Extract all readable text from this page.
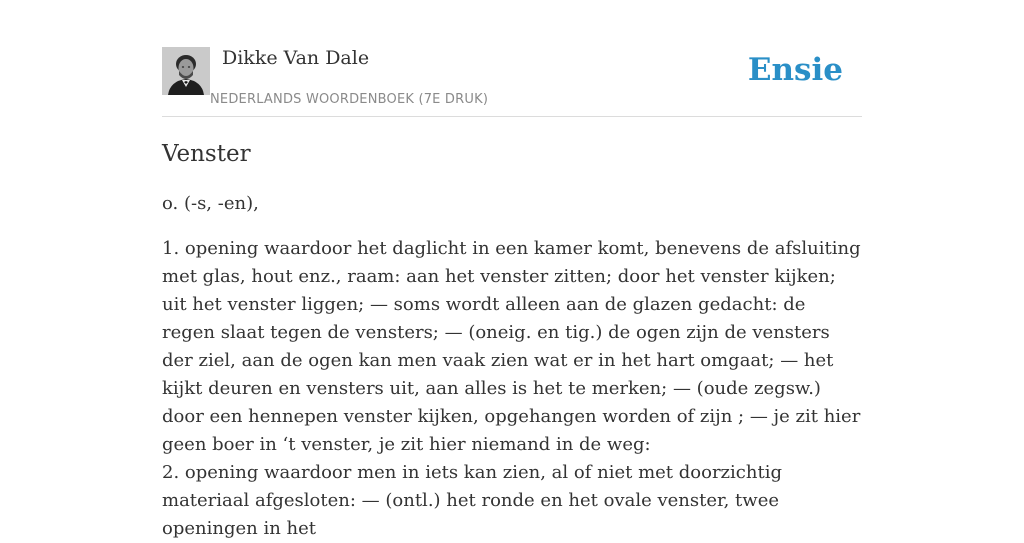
Dikke Van Dale
NEDERLANDS WOORDENBOEK (7E DRUK)
Ensie
Venster

o. (-s, -en),

1. opening waardoor het daglicht in een kamer komt, benevens de afsluiting met glas, hout enz., raam: aan het venster zitten; door het venster kijken; uit het venster liggen; — soms wordt alleen aan de glazen gedacht: de regen slaat tegen de vensters; — (oneig. en tig.) de ogen zijn de vensters der ziel, aan de ogen kan men vaak zien wat er in het hart omgaat; — het kijkt deuren en vensters uit, aan alles is het te merken; — (oude zegsw.) door een hennepen venster kijken, opgehangen worden of zijn ; — je zit hier geen boer in ‘t venster, je zit hier niemand in de weg:
2. opening waardoor men in iets kan zien, al of niet met doorzichtig materiaal afgesloten: — (ontl.) het ronde en het ovale venster, twee openingen in het
